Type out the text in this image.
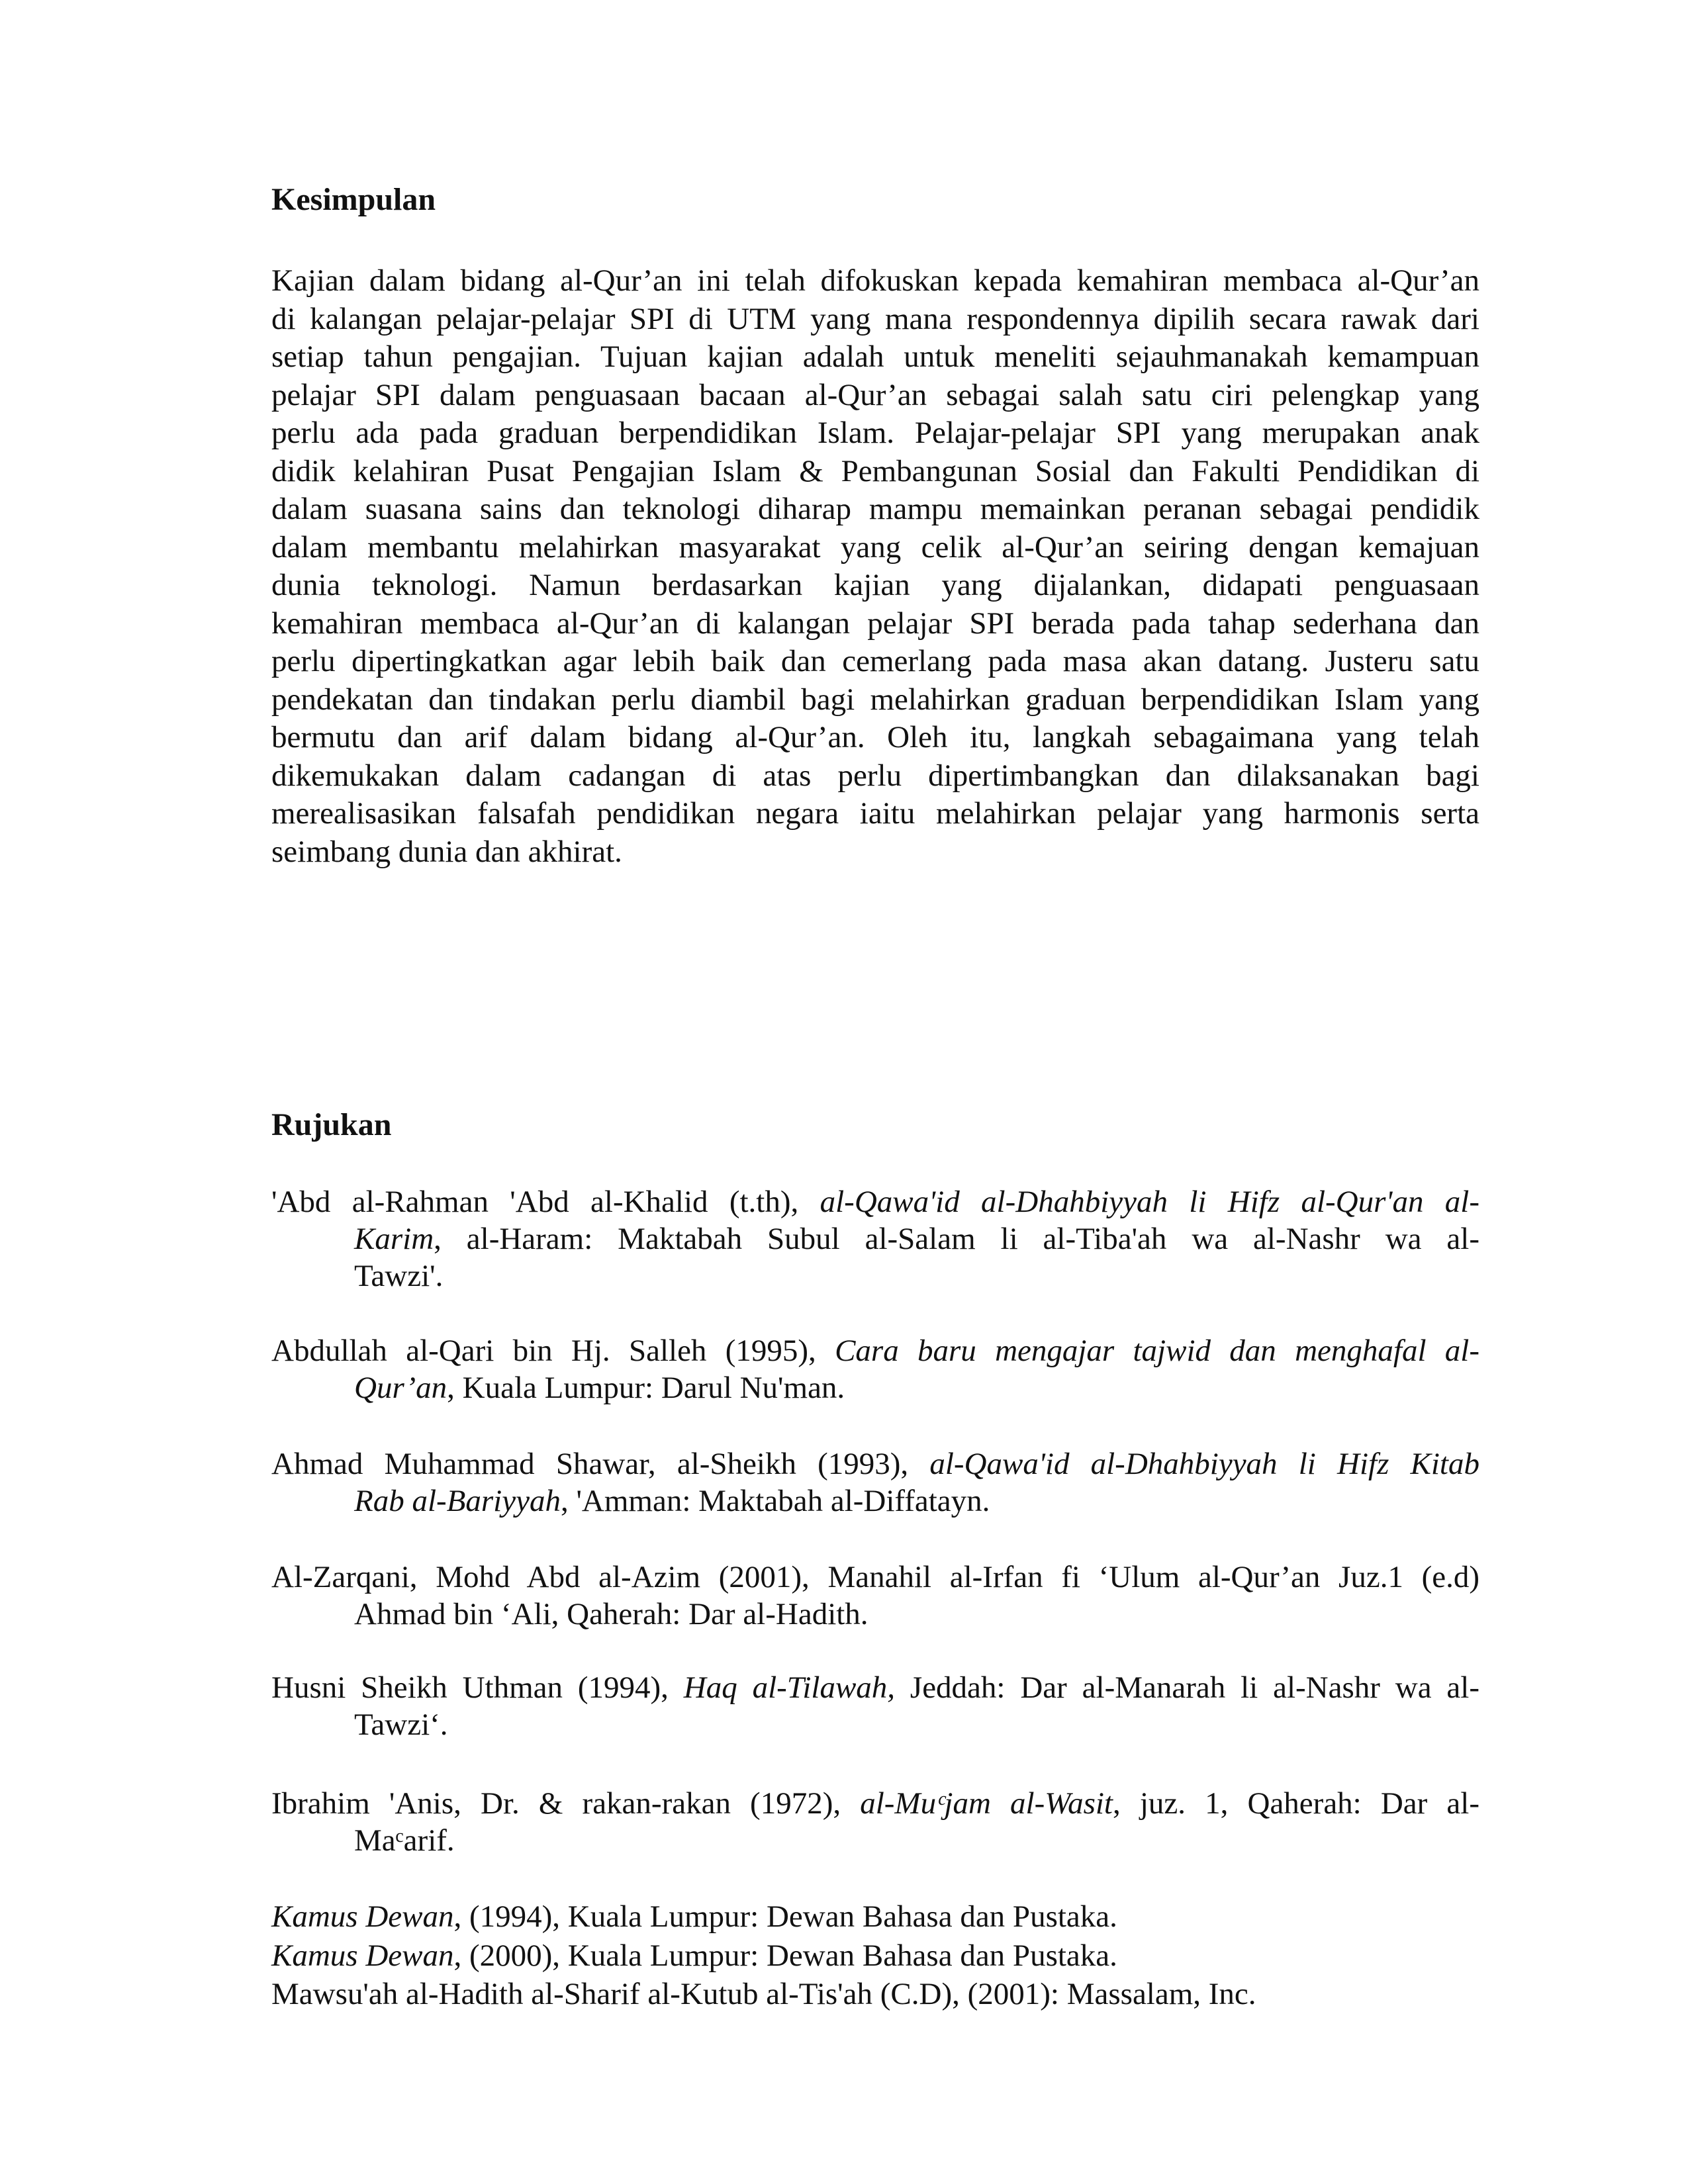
Kesimpulan
Kajian dalam bidang al-Qur’an ini telah difokuskan kepada kemahiran membaca al-Qur’an
di kalangan pelajar-pelajar SPI di UTM yang mana respondennya dipilih secara rawak dari
setiap tahun pengajian. Tujuan kajian adalah untuk meneliti sejauhmanakah kemampuan
pelajar SPI dalam penguasaan bacaan al-Qur’an sebagai salah satu ciri pelengkap yang
perlu ada pada graduan berpendidikan Islam. Pelajar-pelajar SPI yang merupakan anak
didik kelahiran Pusat Pengajian Islam & Pembangunan Sosial dan Fakulti Pendidikan di
dalam suasana sains dan teknologi diharap mampu memainkan peranan sebagai pendidik
dalam membantu melahirkan masyarakat yang celik al-Qur’an seiring dengan kemajuan
dunia teknologi. Namun berdasarkan kajian yang dijalankan, didapati penguasaan
kemahiran membaca al-Qur’an di kalangan pelajar SPI berada pada tahap sederhana dan
perlu dipertingkatkan agar lebih baik dan cemerlang pada masa akan datang. Justeru satu
pendekatan dan tindakan perlu diambil bagi melahirkan graduan berpendidikan Islam yang
bermutu dan arif dalam bidang al-Qur’an. Oleh itu, langkah sebagaimana yang telah
dikemukakan dalam cadangan di atas perlu dipertimbangkan dan dilaksanakan bagi
merealisasikan falsafah pendidikan negara iaitu melahirkan pelajar yang harmonis serta
seimbang dunia dan akhirat.
Rujukan
'Abd al-Rahman 'Abd al-Khalid (t.th), al-Qawa'id al-Dhahbiyyah li Hifz al-Qur'an al-
Karim, al-Haram: Maktabah Subul al-Salam li al-Tiba'ah wa al-Nashr wa al-
Tawzi'.
Abdullah al-Qari bin Hj. Salleh (1995), Cara baru mengajar tajwid dan menghafal al-
Qur’an, Kuala Lumpur: Darul Nu'man.
Ahmad Muhammad Shawar, al-Sheikh (1993), al-Qawa'id al-Dhahbiyyah li Hifz Kitab
Rab al-Bariyyah, 'Amman: Maktabah al-Diffatayn.
Al-Zarqani, Mohd Abd al-Azim (2001), Manahil al-Irfan fi ‘Ulum al-Qur’an Juz.1 (e.d)
Ahmad bin ‘Ali, Qaherah: Dar al-Hadith.
Husni Sheikh Uthman (1994), Haq al-Tilawah, Jeddah: Dar al-Manarah li al-Nashr wa al-
Tawzi‘.
Ibrahim 'Anis, Dr. & rakan-rakan (1972), al-Muᶜjam al-Wasit, juz. 1, Qaherah: Dar al-
Maᶜarif.
Kamus Dewan, (1994), Kuala Lumpur: Dewan Bahasa dan Pustaka.
Kamus Dewan, (2000), Kuala Lumpur: Dewan Bahasa dan Pustaka.
Mawsu'ah al-Hadith al-Sharif al-Kutub al-Tis'ah (C.D), (2001): Massalam, Inc.
